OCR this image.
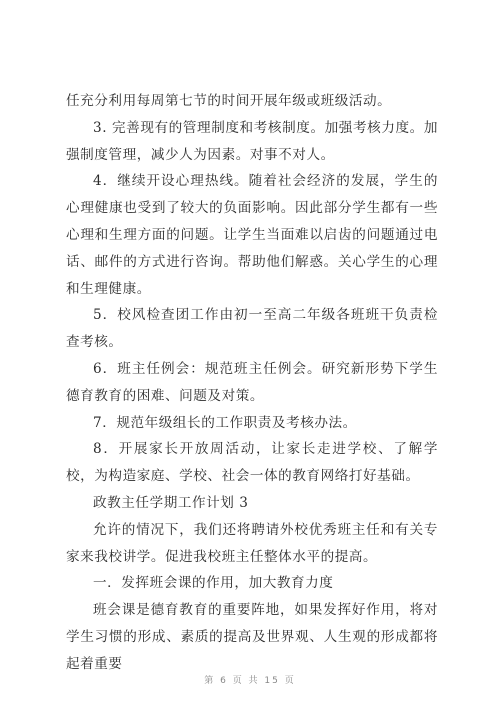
任充分利用每周第七节的时间开展年级或班级活动。

3. 完善现有的管理制度和考核制度。加强考核力度。加强制度管理，减少人为因素。对事不对人。

4．继续开设心理热线。随着社会经济的发展，学生的心理健康也受到了较大的负面影响。因此部分学生都有一些心理和生理方面的问题。让学生当面难以启齿的问题通过电话、邮件的方式进行咨询。帮助他们解惑。关心学生的心理和生理健康。

5．校风检查团工作由初一至高二年级各班班干负责检查考核。

6．班主任例会：规范班主任例会。研究新形势下学生德育教育的困难、问题及对策。

7．规范年级组长的工作职责及考核办法。

8．开展家长开放周活动，让家长走进学校、了解学校，为构造家庭、学校、社会一体的教育网络打好基础。

政教主任学期工作计划 3

允许的情况下，我们还将聘请外校优秀班主任和有关专家来我校讲学。促进我校班主任整体水平的提高。

一．发挥班会课的作用，加大教育力度

班会课是德育教育的重要阵地，如果发挥好作用，将对学生习惯的形成、素质的提高及世界观、人生观的形成都将起着重要

第 6 页 共 15 页
